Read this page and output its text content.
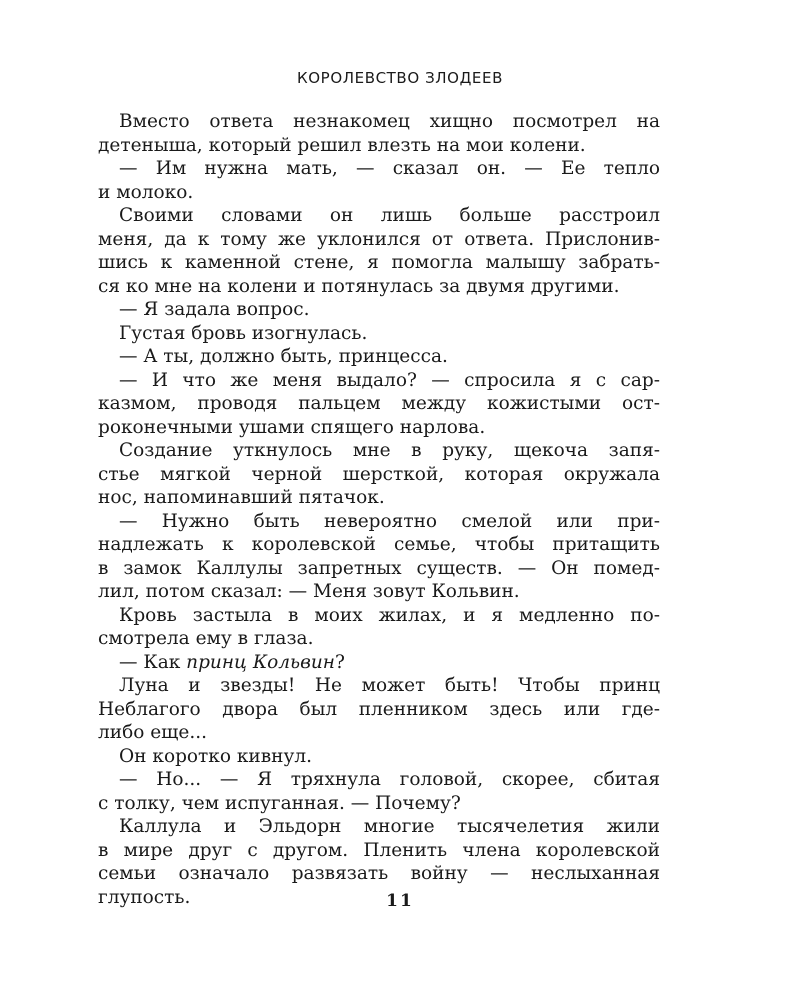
КОРОЛЕВСТВО ЗЛОДЕЕВ
Вместо ответа незнакомец хищно посмотрел на
детеныша, который решил влезть на мои колени.
— Им нужна мать, — сказал он. — Ее тепло
и молоко.
Своими словами он лишь больше расстроил
меня, да к тому же уклонился от ответа. Прислонив-
шись к каменной стене, я помогла малышу забрать-
ся ко мне на колени и потянулась за двумя другими.
— Я задала вопрос.
Густая бровь изогнулась.
— А ты, должно быть, принцесса.
— И что же меня выдало? — спросила я с сар-
казмом, проводя пальцем между кожистыми ост-
роконечными ушами спящего нарлова.
Создание уткнулось мне в руку, щекоча запя-
стье мягкой черной шерсткой, которая окружала
нос, напоминавший пятачок.
— Нужно быть невероятно смелой или при-
надлежать к королевской семье, чтобы притащить
в замок Каллулы запретных существ. — Он помед-
лил, потом сказал: — Меня зовут Кольвин.
Кровь застыла в моих жилах, и я медленно по-
смотрела ему в глаза.
— Как принц Кольвин?
Луна и звезды! Не может быть! Чтобы принц
Неблагого двора был пленником здесь или где-
либо еще...
Он коротко кивнул.
— Но... — Я тряхнула головой, скорее, сбитая
с толку, чем испуганная. — Почему?
Каллула и Эльдорн многие тысячелетия жили
в мире друг с другом. Пленить члена королевской
семьи означало развязать войну — неслыханная
глупость.	11
